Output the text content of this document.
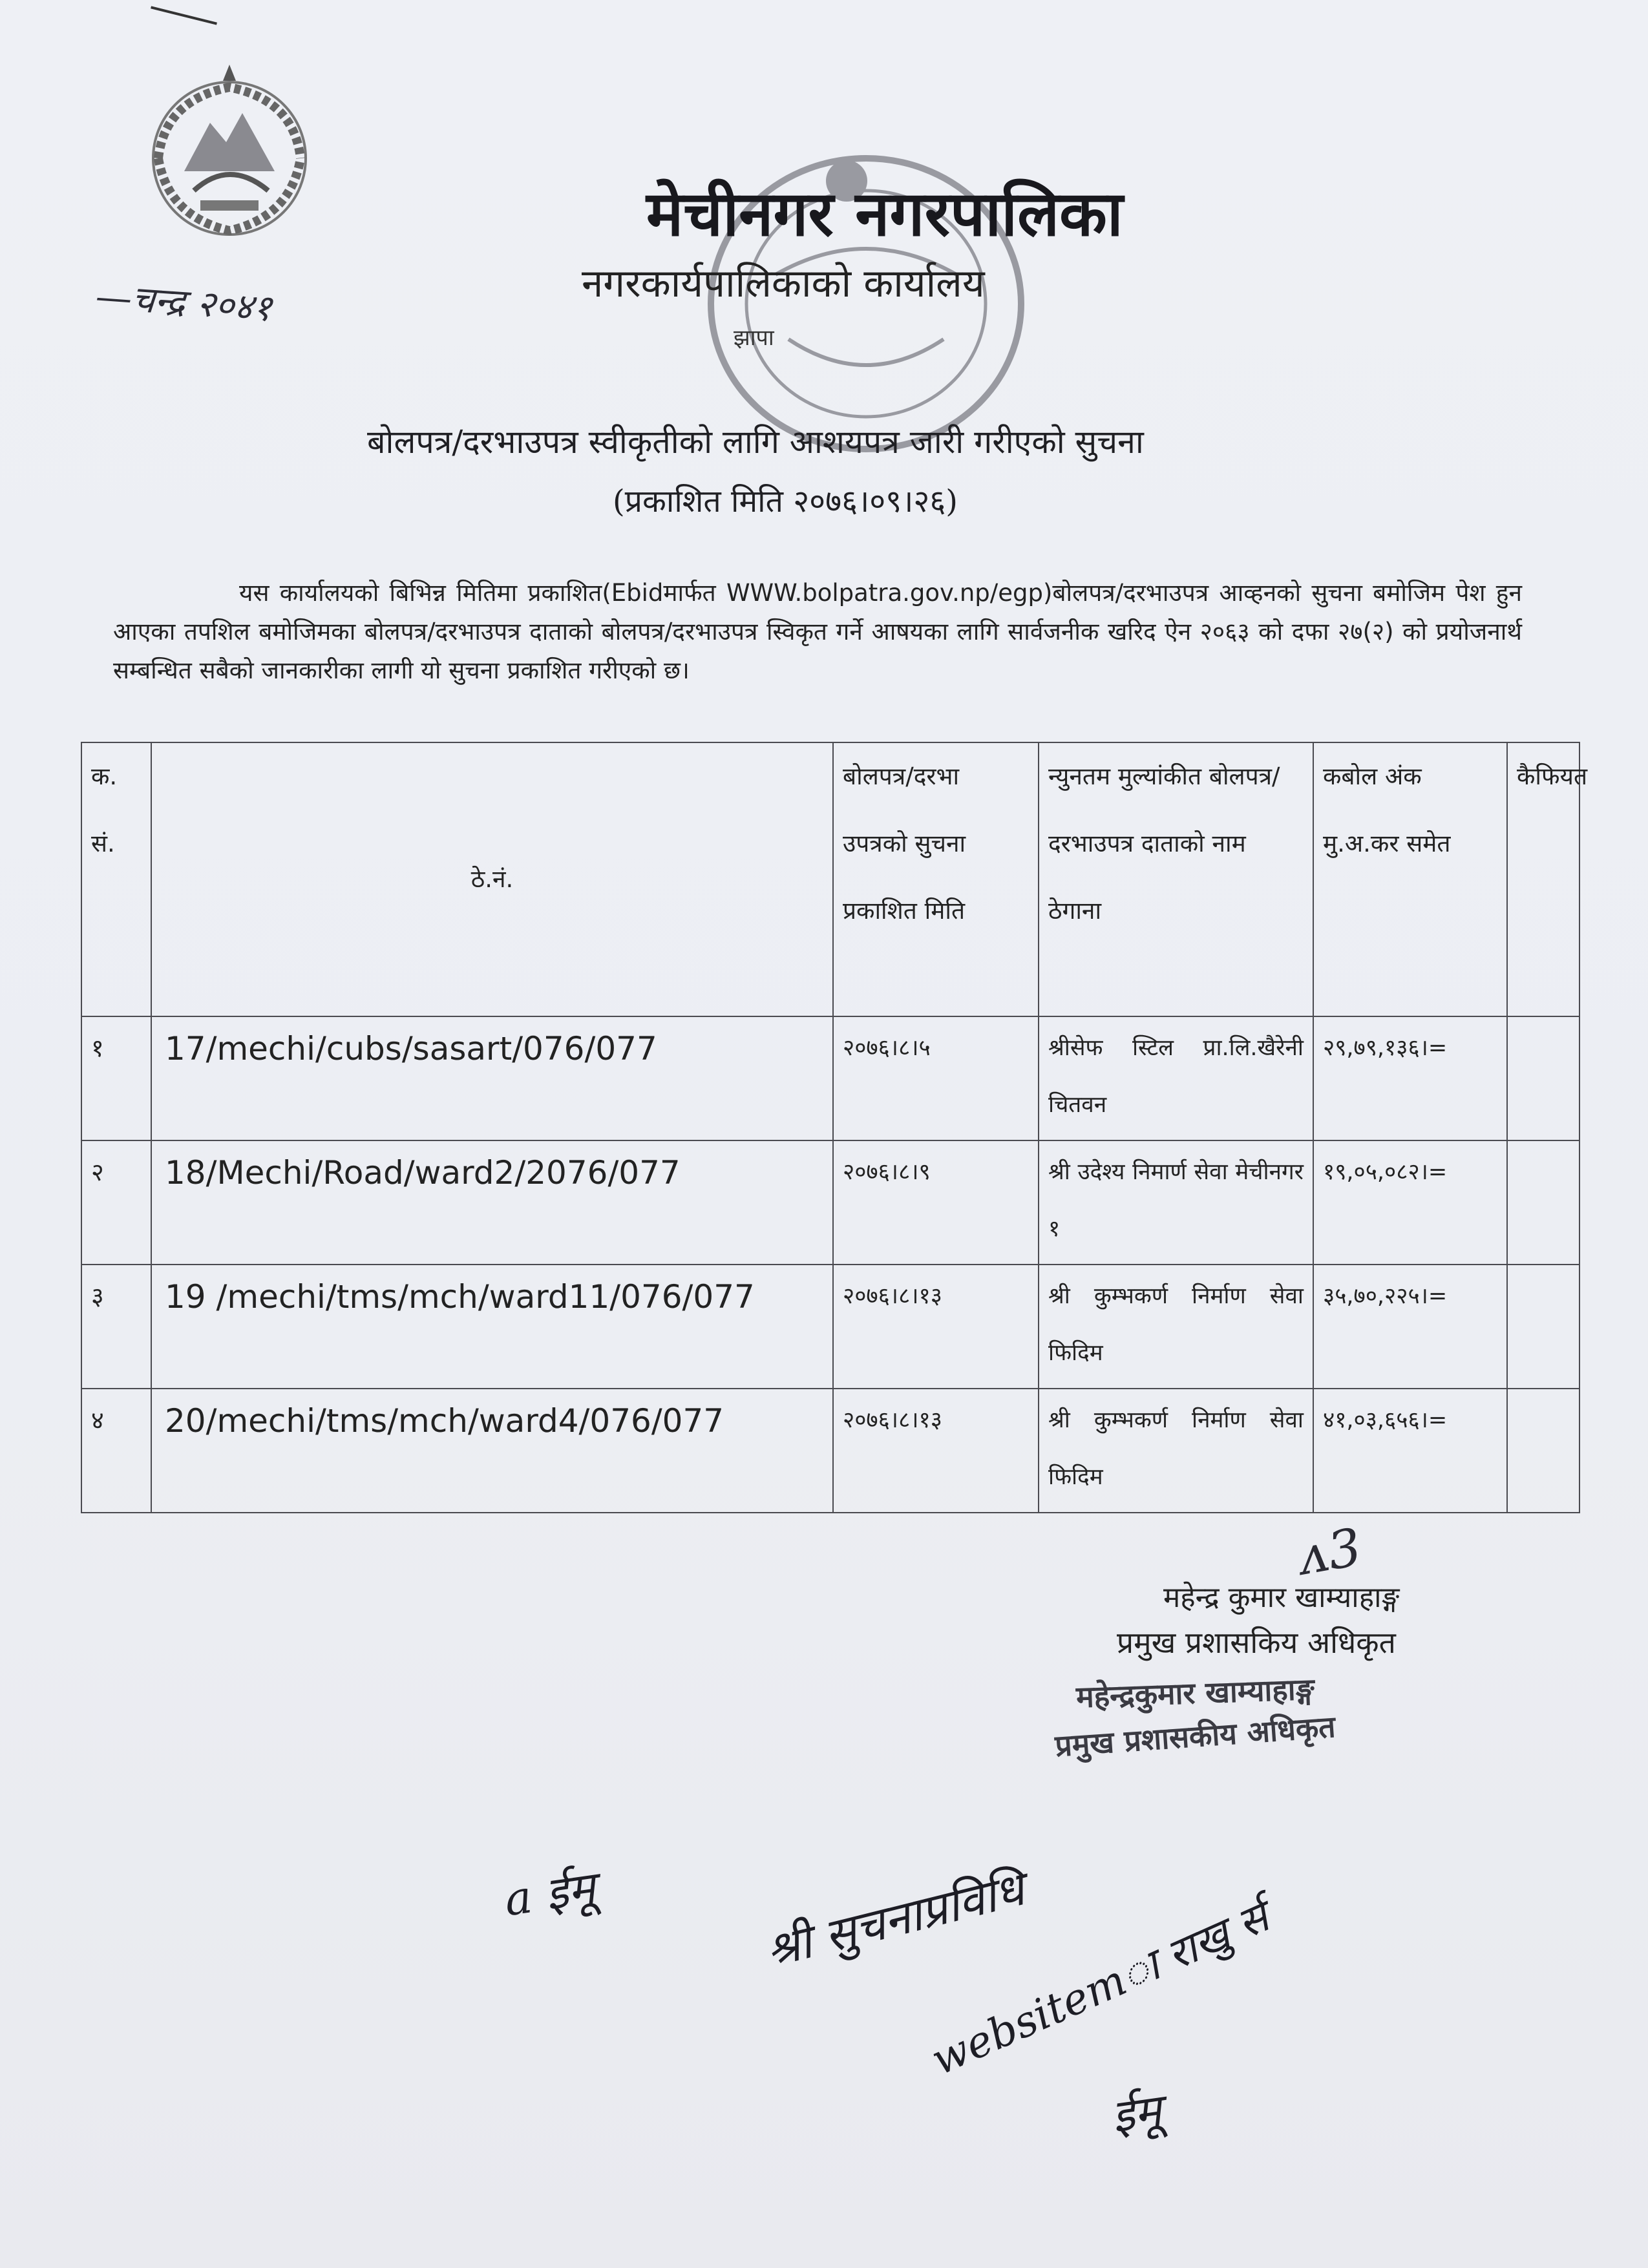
—चन्द्र २०४१
मेचीनगर नगरपालिका
नगरकार्यपालिकाको कार्यालय
झापा
बोलपत्र/दरभाउपत्र स्वीकृतीको लागि आशयपत्र जारी गरीएको सुचना
(प्रकाशित मिति २०७६।०९।२६)
यस कार्यालयको बिभिन्न मितिमा प्रकाशित(Ebidमार्फत WWW.bolpatra.gov.np/egp)बोलपत्र/दरभाउपत्र आव्हनको सुचना बमोजिम पेश हुन आएका तपशिल बमोजिमका बोलपत्र/दरभाउपत्र दाताको बोलपत्र/दरभाउपत्र स्विकृत गर्ने आषयका लागि सार्वजनीक खरिद ऐन २०६३ को दफा २७(२) को प्रयोजनार्थ सम्बन्धित सबैको जानकारीका लागी यो सुचना प्रकाशित गरीएको छ।
क. सं.	ठे.नं.	बोलपत्र/दरभा उपत्रको सुचना प्रकाशित मिति	न्युनतम मुल्यांकीत बोलपत्र/दरभाउपत्र दाताको नाम ठेगाना	कबोल अंक मु.अ.कर समेत	कैफियत
१	17/mechi/cubs/sasart/076/077	२०७६।८।५	श्रीसेफ स्टिल प्रा.लि.खैरेनी चितवन	२९,७९,१३६।=	
२	18/Mechi/Road/ward2/2076/077	२०७६।८।९	श्री उदेश्य निमार्ण सेवा मेचीनगर १	१९,०५,०८२।=	
३	19 /mechi/tms/mch/ward11/076/077	२०७६।८।१३	श्री कुम्भकर्ण निर्माण सेवा फिदिम	३५,७०,२२५।=	
४	20/mechi/tms/mch/ward4/076/077	२०७६।८।१३	श्री कुम्भकर्ण निर्माण सेवा फिदिम	४१,०३,६५६।=	
ᴧ3
महेन्द्र कुमार खाम्याहाङ्ग
प्रमुख प्रशासकिय अधिकृत
महेन्द्रकुमार खाम्याहाङ्ग
प्रमुख प्रशासकीय अधिकृत
a ईमू	श्री सुचनाप्रविधि
websitemा राखु र्स
ईमू
